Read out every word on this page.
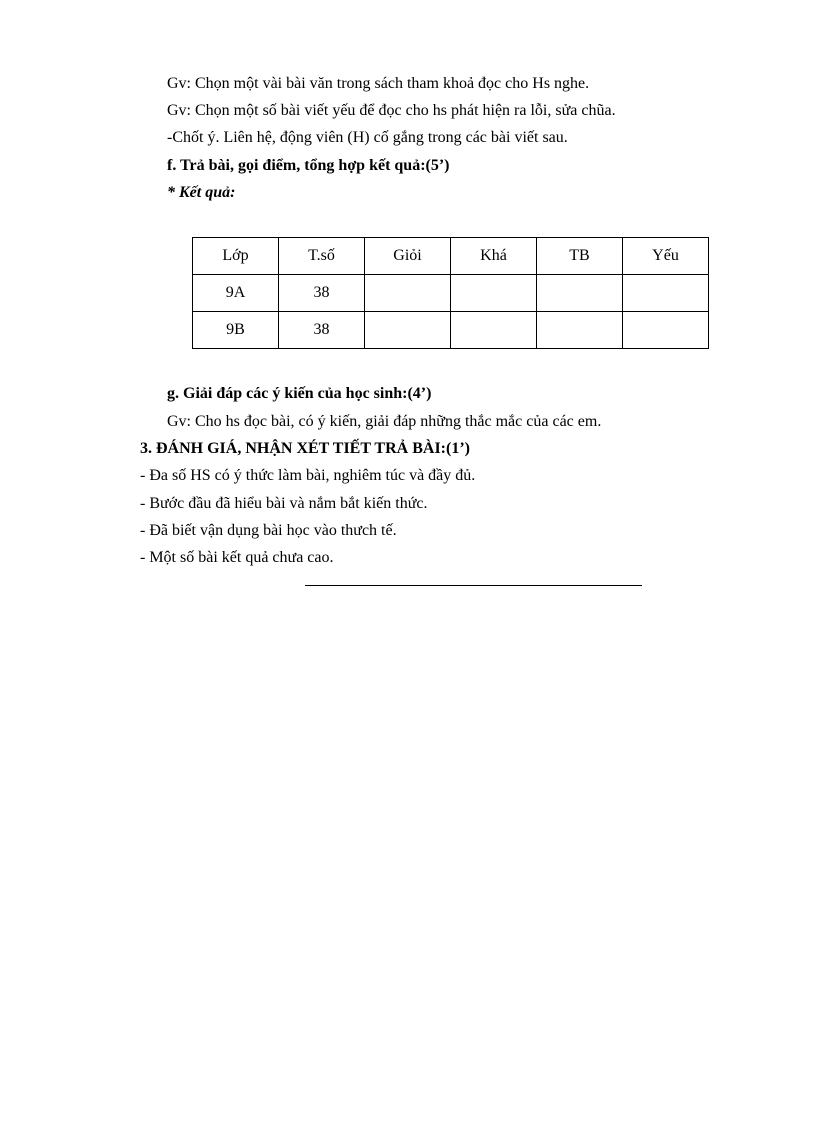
Gv: Chọn một vài bài văn trong sách tham khoả đọc cho Hs nghe.
Gv: Chọn một số bài viết yếu để đọc cho hs phát hiện ra lỗi, sửa chũa.
-Chốt ý. Liên hệ, động viên (H) cố gắng trong các bài viết sau.
f. Trả bài, gọi điểm, tổng hợp kết quả:(5’)
* Kết quả:
Lớp	T.số	Giỏi	Khá	TB	Yếu
9A	38				
9B	38				
g. Giải đáp các ý kiến của học sinh:(4’)
Gv: Cho hs đọc bài, có ý kiến, giải đáp những thắc mắc của các em.
3. ĐÁNH GIÁ, NHẬN XÉT TIẾT TRẢ BÀI:(1’)
- Đa số HS có ý thức làm bài, nghiêm túc và đầy đủ.
- Bước đầu đã hiểu bài và nắm bắt kiến thức.
- Đã biết vận dụng bài học vào thưch tế.
- Một số bài kết quả chưa cao.
